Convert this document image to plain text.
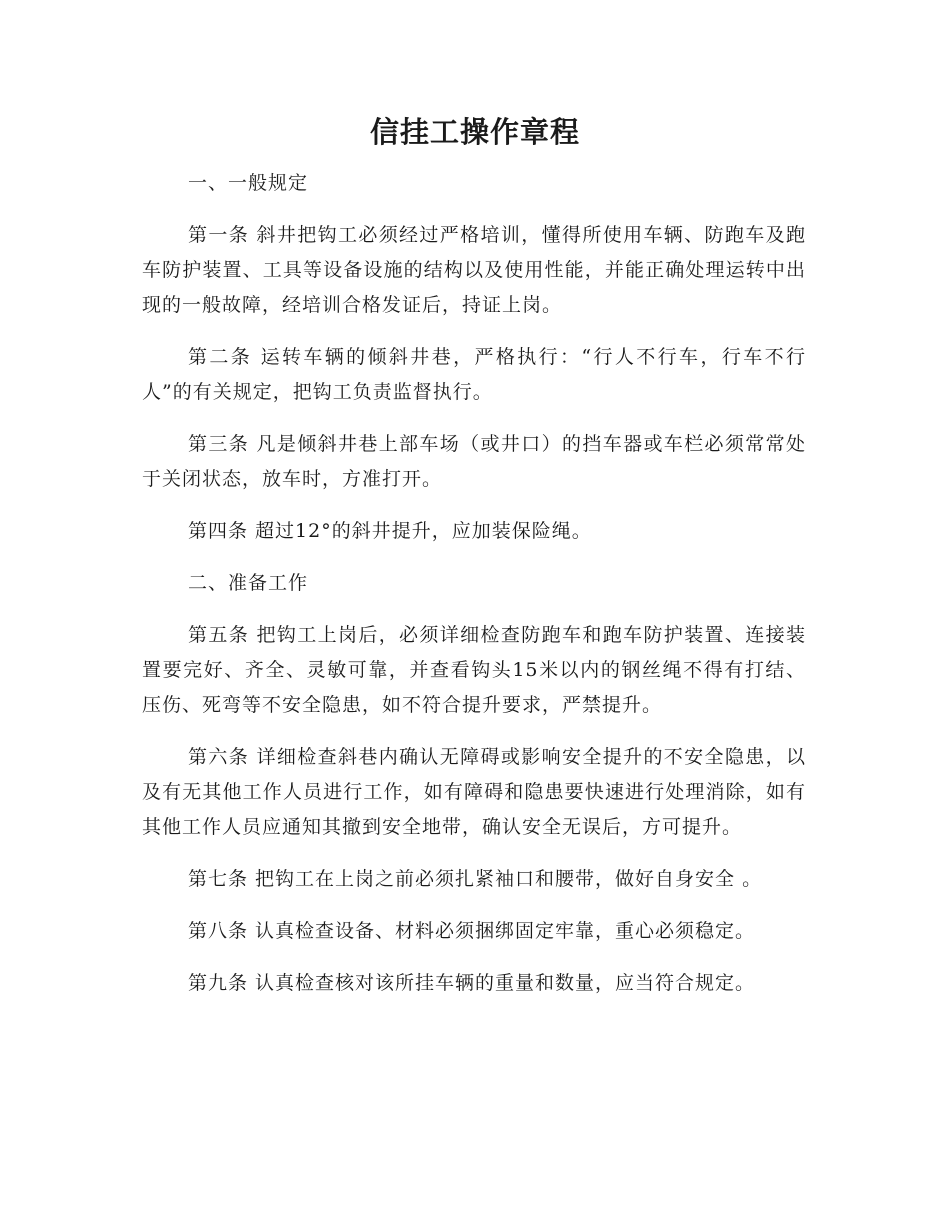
信挂工操作章程

一、一般规定

第一条 斜井把钩工必须经过严格培训，懂得所使用车辆、防跑车及跑车防护装置、工具等设备设施的结构以及使用性能，并能正确处理运转中出现的一般故障，经培训合格发证后，持证上岗。

第二条 运转车辆的倾斜井巷，严格执行：“行人不行车，行车不行人”的有关规定，把钩工负责监督执行。

第三条 凡是倾斜井巷上部车场（或井口）的挡车器或车栏必须常常处于关闭状态，放车时，方准打开。

第四条 超过12°的斜井提升，应加装保险绳。

二、准备工作

第五条 把钩工上岗后，必须详细检查防跑车和跑车防护装置、连接装置要完好、齐全、灵敏可靠，并查看钩头15米以内的钢丝绳不得有打结、压伤、死弯等不安全隐患，如不符合提升要求，严禁提升。

第六条 详细检查斜巷内确认无障碍或影响安全提升的不安全隐患，以及有无其他工作人员进行工作，如有障碍和隐患要快速进行处理消除，如有其他工作人员应通知其撤到安全地带，确认安全无误后，方可提升。

第七条 把钩工在上岗之前必须扎紧袖口和腰带，做好自身安全 。

第八条 认真检查设备、材料必须捆绑固定牢靠，重心必须稳定。

第九条 认真检查核对该所挂车辆的重量和数量，应当符合规定。
